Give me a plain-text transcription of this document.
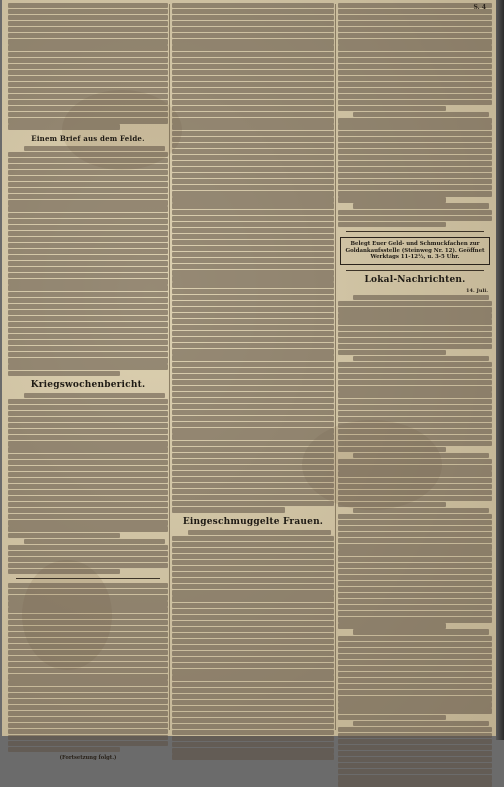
Einem Brief aus dem Felde.
Kriegswochenbericht.
(Fortsetzung folgt.)
Eingeschmuggelte Frauen.
Belegt Euer Geld- und Schmuckfachen zur Goldankaufsstelle (Steinweg Nr. 12). Geöffnet Werktags 11-12½, u. 3-5 Uhr.
Lokal-Nachrichten.
14. Juli.
S. 4
